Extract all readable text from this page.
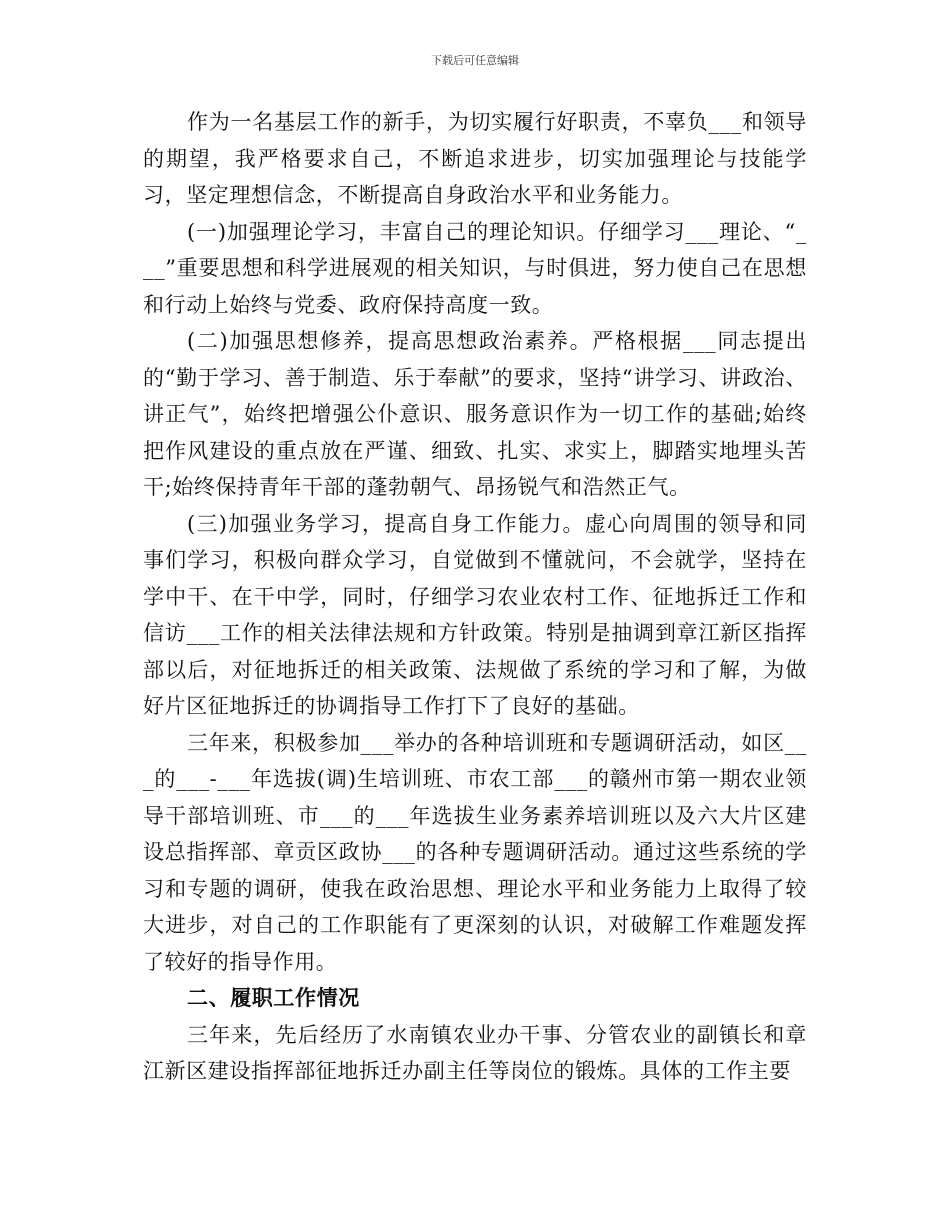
下载后可任意编辑

作为一名基层工作的新手，为切实履行好职责，不辜负___和领导的期望，我严格要求自己，不断追求进步，切实加强理论与技能学习，坚定理想信念，不断提高自身政治水平和业务能力。

(一)加强理论学习，丰富自己的理论知识。仔细学习___理论、“___”重要思想和科学进展观的相关知识，与时俱进，努力使自己在思想和行动上始终与党委、政府保持高度一致。

(二)加强思想修养，提高思想政治素养。严格根据___同志提出的“勤于学习、善于制造、乐于奉献”的要求，坚持“讲学习、讲政治、讲正气”，始终把增强公仆意识、服务意识作为一切工作的基础;始终把作风建设的重点放在严谨、细致、扎实、求实上，脚踏实地埋头苦干;始终保持青年干部的蓬勃朝气、昂扬锐气和浩然正气。

(三)加强业务学习，提高自身工作能力。虚心向周围的领导和同事们学习，积极向群众学习，自觉做到不懂就问，不会就学，坚持在学中干、在干中学，同时，仔细学习农业农村工作、征地拆迁工作和信访___工作的相关法律法规和方针政策。特别是抽调到章江新区指挥部以后，对征地拆迁的相关政策、法规做了系统的学习和了解，为做好片区征地拆迁的协调指导工作打下了良好的基础。

三年来，积极参加___举办的各种培训班和专题调研活动，如区___的___-___年选拔(调)生培训班、市农工部___的赣州市第一期农业领导干部培训班、市___的___年选拔生业务素养培训班以及六大片区建设总指挥部、章贡区政协___的各种专题调研活动。通过这些系统的学习和专题的调研，使我在政治思想、理论水平和业务能力上取得了较大进步，对自己的工作职能有了更深刻的认识，对破解工作难题发挥了较好的指导作用。

二、履职工作情况

三年来，先后经历了水南镇农业办干事、分管农业的副镇长和章江新区建设指挥部征地拆迁办副主任等岗位的锻炼。具体的工作主要
